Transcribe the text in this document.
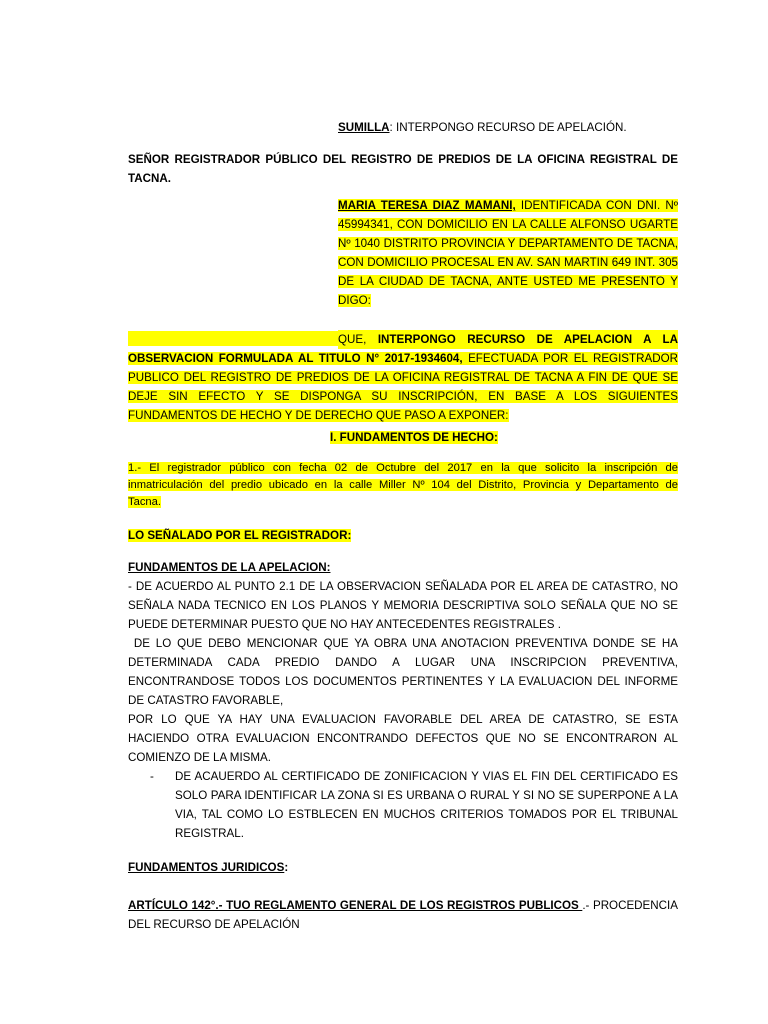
SUMILLA: INTERPONGO RECURSO DE APELACIÓN.
SEÑOR REGISTRADOR PÚBLICO DEL REGISTRO DE PREDIOS DE LA OFICINA REGISTRAL DE TACNA.
MARIA TERESA DIAZ MAMANI, IDENTIFICADA CON DNI. Nº
45994341, CON DOMICILIO EN LA CALLE ALFONSO UGARTE
Nº 1040 DISTRITO PROVINCIA Y DEPARTAMENTO DE TACNA,
CON DOMICILIO PROCESAL EN AV. SAN MARTIN 649 INT. 305
DE LA CIUDAD DE TACNA, ANTE USTED ME PRESENTO Y
DIGO:
QUE, INTERPONGO RECURSO DE APELACION A LA
OBSERVACION FORMULADA AL TITULO N° 2017-1934604, EFECTUADA POR EL REGISTRADOR
PUBLICO DEL REGISTRO DE PREDIOS DE LA OFICINA REGISTRAL DE TACNA A FIN DE QUE SE
DEJE SIN EFECTO Y SE DISPONGA SU INSCRIPCIÓN, EN BASE A LOS SIGUIENTES
FUNDAMENTOS DE HECHO Y DE DERECHO QUE PASO A EXPONER:
I. FUNDAMENTOS DE HECHO:
1.- El registrador público con fecha 02 de Octubre del 2017 en la que solicito la inscripción de
inmatriculación del predio ubicado en la calle Miller Nº 104 del Distrito, Provincia y Departamento de
Tacna.
LO SEÑALADO POR EL REGISTRADOR:
FUNDAMENTOS DE LA APELACION:
- DE ACUERDO AL PUNTO 2.1 DE LA OBSERVACION SEÑALADA POR EL AREA DE CATASTRO, NO
SEÑALA NADA TECNICO EN LOS PLANOS Y MEMORIA DESCRIPTIVA SOLO SEÑALA QUE NO SE
PUEDE DETERMINAR PUESTO QUE NO HAY ANTECEDENTES REGISTRALES .
DE LO QUE DEBO MENCIONAR QUE YA OBRA UNA ANOTACION PREVENTIVA DONDE SE HA
DETERMINADA CADA PREDIO DANDO A LUGAR UNA INSCRIPCION PREVENTIVA,
ENCONTRANDOSE TODOS LOS DOCUMENTOS PERTINENTES Y LA EVALUACION DEL INFORME
DE CATASTRO FAVORABLE,
POR LO QUE YA HAY UNA EVALUACION FAVORABLE DEL AREA DE CATASTRO, SE ESTA
HACIENDO OTRA EVALUACION ENCONTRANDO DEFECTOS QUE NO SE ENCONTRARON AL
COMIENZO DE LA MISMA.
- DE ACAUERDO AL CERTIFICADO DE ZONIFICACION Y VIAS EL FIN DEL CERTIFICADO ES
SOLO PARA IDENTIFICAR LA ZONA SI ES URBANA O RURAL Y SI NO SE SUPERPONE A LA
VIA, TAL COMO LO ESTBLECEN EN MUCHOS CRITERIOS TOMADOS POR EL TRIBUNAL
REGISTRAL.
FUNDAMENTOS JURIDICOS:
ARTÍCULO 142°.- TUO REGLAMENTO GENERAL DE LOS REGISTROS PUBLICOS .- PROCEDENCIA
DEL RECURSO DE APELACIÓN
